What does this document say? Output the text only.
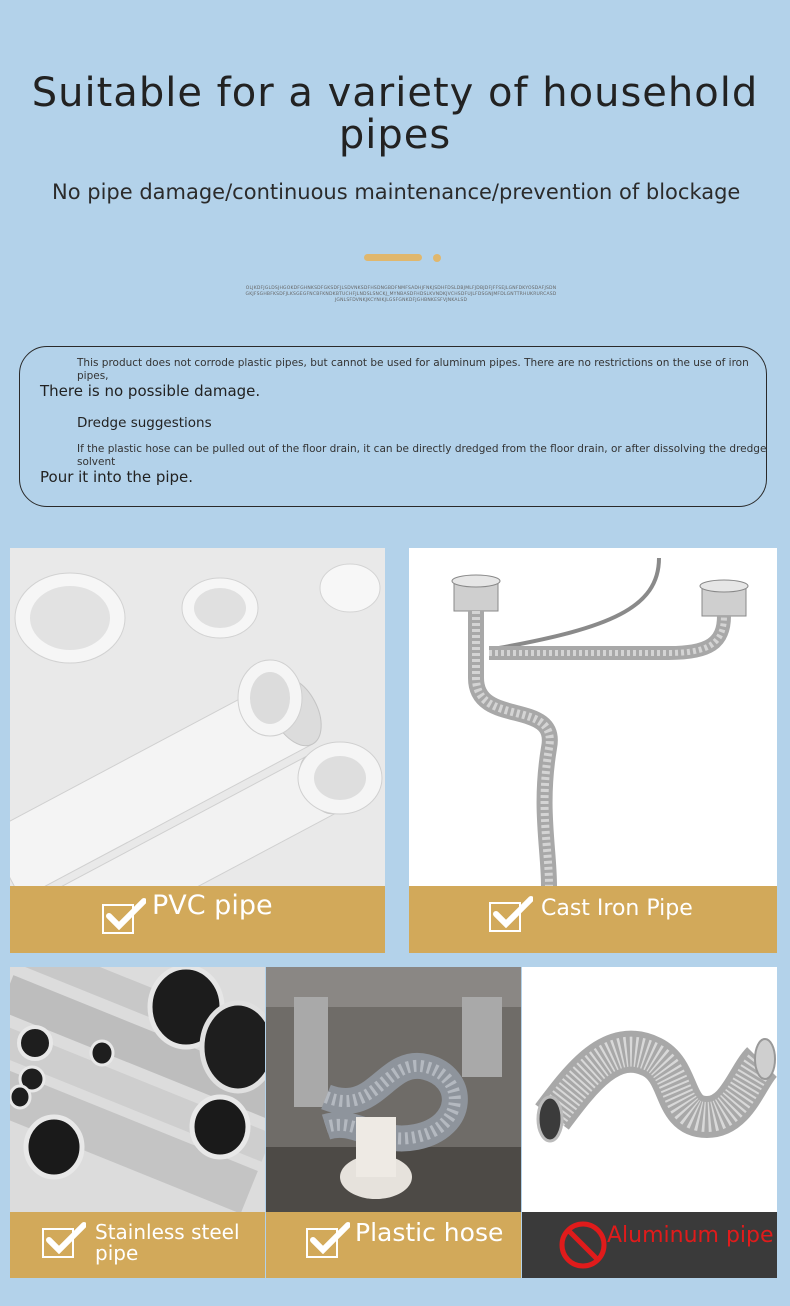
Suitable for a variety of household pipes
No pipe damage/continuous maintenance/prevention of blockage
OLJKDFJGLDSJHGOKDFGHNKSDFGKSDFJLSDVNKSDFHSDNGBDFNMFSADHJFNKJSDHFDSLDBJMLFJDBJDFJFFSEJLGNFDKYOSDAFJSDNGKJFSGHBFKSDFJLKSGEGFNCBFKNDKBTUCHFJLNDSLSNCKJ_MYNBASDFHDSLKVNDKJVCHSDFUJLFDSGNJMFDLGNTTRHUKRURCASDJGNLSFDVNKJKCYNIKJLGSFGNKDFJGHBNKESFVJNKALSD
This product does not corrode plastic pipes, but cannot be used for aluminum pipes. There are no restrictions on the use of iron pipes,
There is no possible damage.
Dredge suggestions
If the plastic hose can be pulled out of the floor drain, it can be directly dredged from the floor drain, or after dissolving the dredge solvent
Pour it into the pipe.
PVC pipe	Cast Iron Pipe
Stainless steel
pipe
Plastic hose	Aluminum pipe
